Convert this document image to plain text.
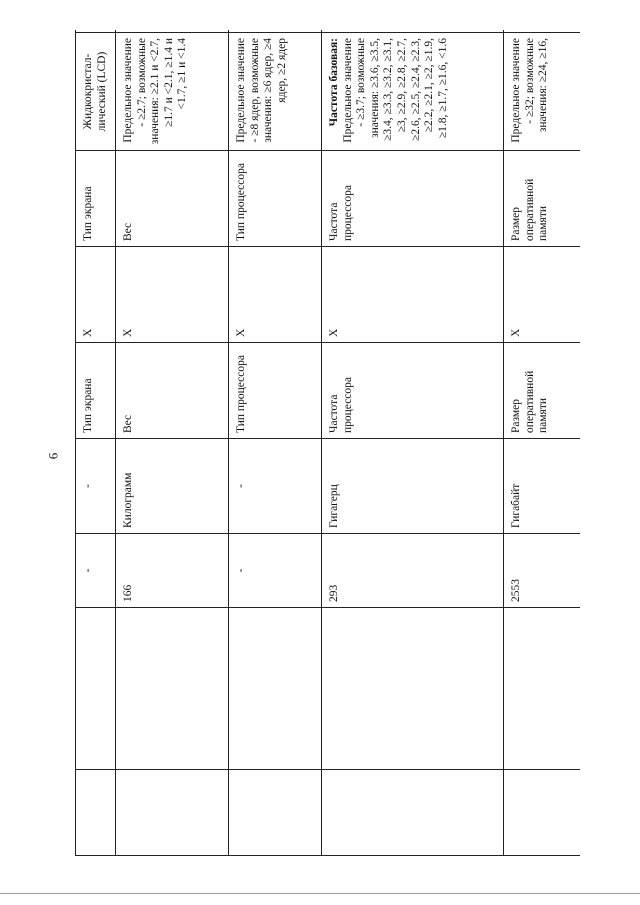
6
		-	-	Тип экрана	Х	Тип экрана	Жидкокристал-лический (LCD)	
		166	Килограмм	Вес	Х	Вес	Предельное значение - ≥2.7; возможные значения: ≥2.1 и <2.7, ≥1.7 и <2.1, ≥1.4 и <1.7, ≥1 и <1.4	
		-	-	Тип процессора	Х	Тип процессора	Предельное значение - ≥8 ядер, возможные значения: ≥6 ядер, ≥4 ядер, ≥2 ядер	
		293	Гигагерц	Частота процессора	Х	Частота процессора	Частота базовая: Предельное значение - ≥3.7; возможные значения: ≥3.6, ≥3.5, ≥3.4, ≥3.3, ≥3.2, ≥3.1, ≥3, ≥2.9, ≥2.8, ≥2.7, ≥2.6, ≥2.5, ≥2.4, ≥2.3, ≥2.2, ≥2.1, ≥2, ≥1.9, ≥1.8, ≥1.7, ≥1.6, <1.6	
		2553	Гигабайт	Размер оперативной памяти	Х	Размер оперативной памяти	Предельное значение - ≥32; возможные значения: ≥24, ≥16,	
